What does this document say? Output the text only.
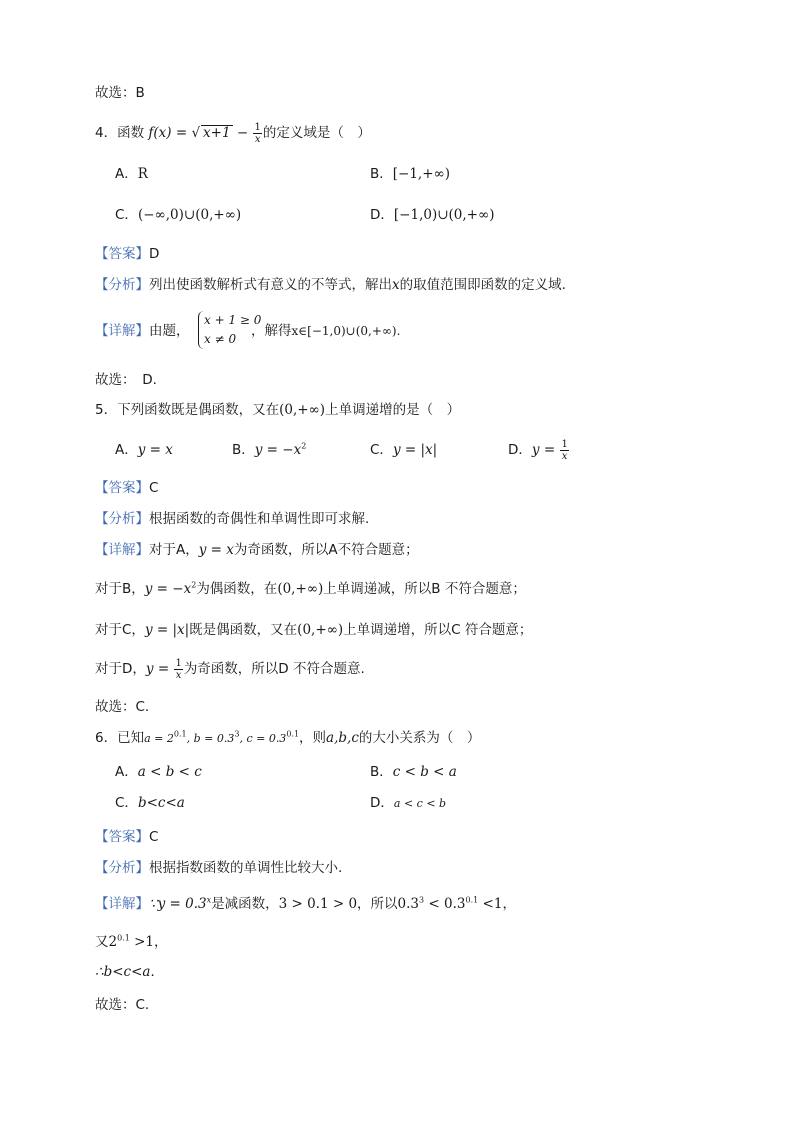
故选：B
4．函数 f(x) = √ $x+1 - \frac{1}{x}$ 的定义域是（　）
A．R	B．[−1,+∞)
C．(−∞,0)∪(0,+∞)	D．[−1,0)∪(0,+∞)
【答案】D
【分析】列出使函数解析式有意义的不等式，解出x的取值范围即函数的定义域.
【详解】由题，
x + 1 ≥ 0
x ≠ 0	，解得x∈[−1,0)∪(0,+∞).
故选：　D.
5．下列函数既是偶函数，又在(0,+∞)上单调递增的是（　）
A．y = x	B．$y = -x^2$	C．y = |x|	D．$y = \frac{1}{x}$
【答案】C
【分析】根据函数的奇偶性和单调性即可求解.
【详解】对于A，y = x为奇函数，所以A不符合题意；
对于B，$y = -x^2$为偶函数，在(0,+∞)上单调递减，所以B 不符合题意；
对于C，y = |x|既是偶函数，又在(0,+∞)上单调递增，所以C 符合题意；
对于D，$y = \frac{1}{x}$ 为奇函数，所以D 不符合题意.
故选：C.
6．已知$a = 2^{0.1}$, $b = 0.3^3$, $c = 0.3^{0.1}$，则a,b,c的大小关系为（　）
A．a < b < c	B．c < b < a
C．b<c<a	D．a < c < b
【答案】C
【分析】根据指数函数的单调性比较大小.
【详解】∵y = $0.3^x$是减函数，3 > 0.1 > 0，所以$0.3^3 < 0.3^{0.1} <1$，
又$2^{0.1} >1$，
∴b<c<a．
故选：C.
